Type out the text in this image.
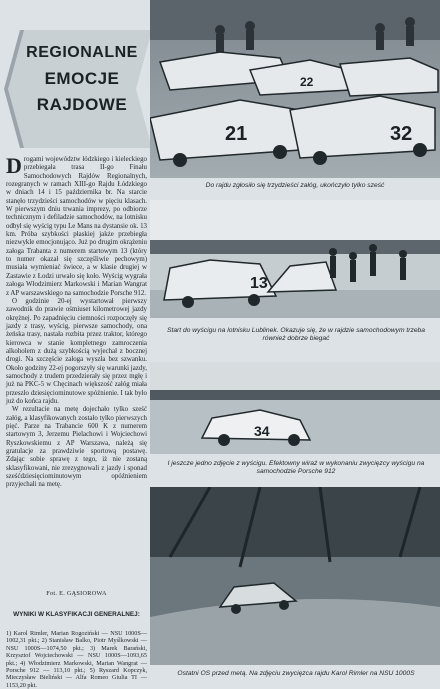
REGIONALNE
EMOCJE
RAJDOWE

Drogami województw łódzkiego i kieleckiego przebiegała trasa II-go Finału Samochodowych Rajdów Regionalnych, rozegranych w ramach XIII-go Rajdu Łódzkiego w dniach 14 i 15 października br. Na starcie stanęło trzydzieści samochodów w pięciu klasach. W pierwszym dniu trwania imprezy, po odbiorze technicznym i defiladzie samochodów, na lotnisku odbył się wyścig typu Le Mans na dystansie ok. 13 km. Próba szybkości płaskiej jakże przebiegła niezwykle emocjonująco. Już po drugim okrążeniu załoga Trabanta z numerem startowym 13 (który to numer okazał się szczęśliwie pechowym) musiała wymieniać świece, a w klasie drugiej w Zastawie z Łodzi urwało się koło. Wyścig wygrała załoga Włodzimierz Markowski i Marian Wangrat z AP warszawskiego na samochodzie Porsche 912.

O godzinie 20-ej wystartował pierwszy zawodnik do prawie ośmiuset kilometrowej jazdy okrężnej. Po zapadnięciu ciemności rozpoczęły się jazdy z trasy, wyścig, pierwsze samochody, ona żeńska trasy, nastała rozbita przez traktor, którego kierowca w stanie kompletnego zamroczenia alkoholem z dużą szybkością wyjechał z bocznej drogi. Na szczęście załoga wyszła bez szwanku. Około godziny 22-ej pogorszyły się warunki jazdy, samochody z trudem przedzierały się przez mgłę i już na PKC-5 w Chęcinach większość załóg miała przeszło dziesięciominutowe spóźnienie. I tak było już do końca rajdu.

W rezultacie na metę dojechało tylko sześć załóg, a klasyfikowanych zostało tylko pierwszych pięć. Parze na Trabancie 600 K z numerem startowym 3, Jerzemu Pielachowi i Wojciechowi Ryszkowskiemu z AP Warszawa, należą się gratulacje za prawdziwie sportową postawę. Zdając sobie sprawę z tego, iż nie zostaną sklasyfikowani, nie zrezygnowali z jazdy i sponad sześćdziesięciominutowym opóźnieniem przyjechali na metę.

Fot. E. GĄSIOROWA
WYNIKI W KLASYFIKACJI GENERALNEJ:
1) Karol Rimler, Marian Rogoziński — NSU 1000S—1002,31 pkt.; 2) Stanisław Balko, Piotr Myślkowski — NSU 1000S—1074,50 pkt.; 3) Marek Barański, Krzysztof Wojciechowski — NSU 1000S—1093,65 pkt.; 4) Włodzimierz Markowski, Marian Wangrat — Porsche 912 — 113,10 pkt.; 5) Ryszard Kopczyk, Mieczysław Bieliński — Alfa Romeo Giulia TI — 1153,20 pkt.
21
22
32
Do rajdu zgłosiło się trzydzieści załóg, ukończyło tylko sześć
13
Start do wyścigu na lotnisku Lublinek. Okazuje się, że w rajdzie samochodowym trzeba również dobrze biegać
34
I jeszcze jedno zdjęcie z wyścigu. Efektowny wiraż w wykonaniu zwycięzcy wyścigu na samochodzie Porsche 912
Ostatni OS przed metą. Na zdjęciu zwycięzca rajdu Karol Rimler na NSU 1000S
